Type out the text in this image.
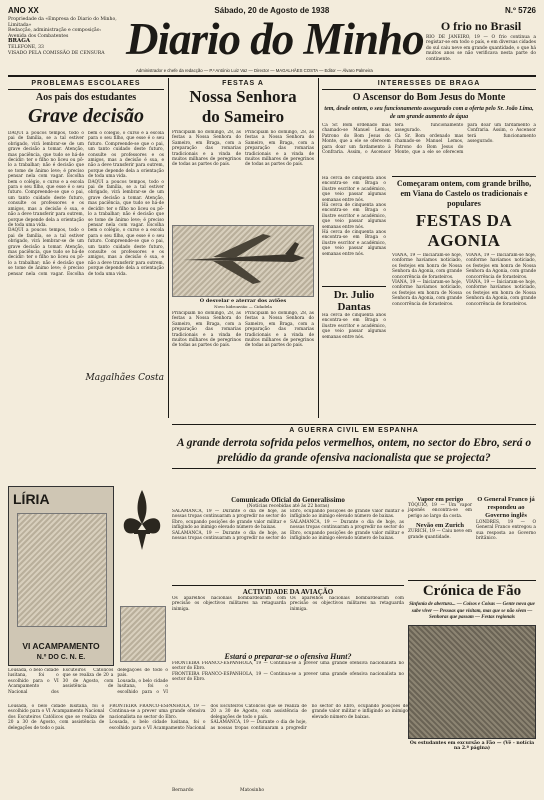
ANO XX	Sábado, 20 de Agosto de 1938	N.º 5726
Propriedade da «Empresa do Diario do Minho, Limitada»
Redacção, administração e composição: Avenida dos Combatentes
BRAGA
TELEFONE, 33
VISADO PELA COMISSÃO DE CENSURA Diario do Minho
Administrador e chefe da redacção — P.º António Luiz Vaz — Director — MAGALHÃES COSTA — Editor — Álvaro Palmeira
O frio no Brasil

RIO DE JANEIRO, 19 — O frio continua a registar-se em todo o país, e em diversas cidades do sul caiu neve em grande quantidade, o que há muitos anos se não verificava nesta parte do continente.

PROBLEMAS ESCOLARES
Aos pais dos estudantes
Grave decisão

DAQUI a poucos tempos, todo o pai de família, se a tal estiver obrigado, virá lembrar-se de um grave decisão a tomar. Atenção, mas paciência, que tudo se há-de decidir: ter o filho no liceu ou pô-lo a trabalhar; não é decisão que se tome de ânimo leve; é preciso pensar nela com vagar. Escolha bem o colégio, o curso e a escola para o seu filho, que esse é o seu futuro. Compreende-se que o pai, um tanto cuidado deste futuro, consulte os professores e os amigos, mas a decisão é sua, e não a deve transferir para outrem, porque depende dela a orientação de toda uma vida.

DAQUI a poucos tempos, todo o pai de família, se a tal estiver obrigado, virá lembrar-se de um grave decisão a tomar. Atenção, mas paciência, que tudo se há-de decidir: ter o filho no liceu ou pô-lo a trabalhar; não é decisão que se tome de ânimo leve; é preciso pensar nela com vagar. Escolha bem o colégio, o curso e a escola para o seu filho, que esse é o seu futuro. Compreende-se que o pai, um tanto cuidado deste futuro, consulte os professores e os amigos, mas a decisão é sua, e não a deve transferir para outrem, porque depende dela a orientação de toda uma vida.

DAQUI a poucos tempos, todo o pai de família, se a tal estiver obrigado, virá lembrar-se de um grave decisão a tomar. Atenção, mas paciência, que tudo se há-de decidir: ter o filho no liceu ou pô-lo a trabalhar; não é decisão que se tome de ânimo leve; é preciso pensar nela com vagar. Escolha bem o colégio, o curso e a escola para o seu filho, que esse é o seu futuro. Compreende-se que o pai, um tanto cuidado deste futuro, consulte os professores e os amigos, mas a decisão é sua, e não a deve transferir para outrem, porque depende dela a orientação de toda uma vida.

Magalhães Costa
FESTAS A
Nossa Senhora
do Sameiro

Principiam no domingo, 28, as festas a Nossa Senhora do Sameiro, em Braga, com a preparação das romarias tradicionais e a vinda de muitos milhares de peregrinos de todas as partes do país.

Principiam no domingo, 28, as festas a Nossa Senhora do Sameiro, em Braga, com a preparação das romarias tradicionais e a vinda de muitos milhares de peregrinos de todas as partes do país.

O desvelar e aterrar dos aviões
Novo hidroavião — Cidadela

Principiam no domingo, 28, as festas a Nossa Senhora do Sameiro, em Braga, com a preparação das romarias tradicionais e a vinda de muitos milhares de peregrinos de todas as partes do país.

Principiam no domingo, 28, as festas a Nossa Senhora do Sameiro, em Braga, com a preparação das romarias tradicionais e a vinda de muitos milhares de peregrinos de todas as partes do país.

INTERESSES DE BRAGA
O Ascensor do Bom Jesus do Monte
tem, desde ontem, o seu funcionamento assegurado com a oferta pelo Sr. João Lima, de um grande aumento de água

Cá Sr. Bom ordenado mas chamado-se Manuel Lemos, Patrono do Bom Jesus do Monte, que a ele se oferecem para doar um fardamento à Confraria. Assim, o Ascensor terá funcionamento assegurado.

Cá Sr. Bom ordenado mas chamado-se Manuel Lemos, Patrono do Bom Jesus do Monte, que a ele se oferecem para doar um fardamento à Confraria. Assim, o Ascensor terá funcionamento assegurado.

Há cerca de cinquenta anos encontra-se em Braga o ilustre escritor e académico, que veio passar algumas semanas entre nós.

Há cerca de cinquenta anos encontra-se em Braga o ilustre escritor e académico, que veio passar algumas semanas entre nós.

Há cerca de cinquenta anos encontra-se em Braga o ilustre escritor e académico, que veio passar algumas semanas entre nós.

Dr. Julio Dantas

Há cerca de cinquenta anos encontra-se em Braga o ilustre escritor e académico, que veio passar algumas semanas entre nós.

Começaram ontem, com grande brilho, em Viana do Castelo os tradicionais e populares
FESTAS DA AGONIA

VIANA, 19 — Iniciaram-se hoje, conforme havíamos noticiado, os festejos em honra de Nossa Senhora da Agonia, com grande concorrência de forasteiros.

VIANA, 19 — Iniciaram-se hoje, conforme havíamos noticiado, os festejos em honra de Nossa Senhora da Agonia, com grande concorrência de forasteiros.

VIANA, 19 — Iniciaram-se hoje, conforme havíamos noticiado, os festejos em honra de Nossa Senhora da Agonia, com grande concorrência de forasteiros.

VIANA, 19 — Iniciaram-se hoje, conforme havíamos noticiado, os festejos em honra de Nossa Senhora da Agonia, com grande concorrência de forasteiros.

A GUERRA CIVIL EM ESPANHA
A grande derrota sofrida pelos vermelhos, ontem, no sector do Ebro, será o prelúdio da grande ofensiva nacionalista que se projecta?
Comunicado Oficial do Generalíssimo
(Notícias recebidas até às 22 horas)

SALAMANCA, 19 — Durante o dia de hoje, as nossas tropas continuaram a progredir no sector do Ebro, ocupando posições de grande valor militar e infligindo ao inimigo elevado número de baixas.

SALAMANCA, 19 — Durante o dia de hoje, as nossas tropas continuaram a progredir no sector do Ebro, ocupando posições de grande valor militar e infligindo ao inimigo elevado número de baixas.

SALAMANCA, 19 — Durante o dia de hoje, as nossas tropas continuaram a progredir no sector do Ebro, ocupando posições de grande valor militar e infligindo ao inimigo elevado número de baixas.

ACTIVIDADE DA AVIAÇÃO

Os aparelhos nacionais bombardearam com precisão os objectivos militares na retaguarda inimiga.

Os aparelhos nacionais bombardearam com precisão os objectivos militares na retaguarda inimiga.

Estará o preparar-se o ofensiva Hunt?

FRONTEIRA FRANCO-ESPANHOLA, 19 — Continua-se a prever uma grande ofensiva nacionalista no sector do Ebro.

FRONTEIRA FRANCO-ESPANHOLA, 19 — Continua-se a prever uma grande ofensiva nacionalista no sector do Ebro.

Vapor em perigo

TÓQUIO, 19 — Um vapor japonês encontra-se em perigo ao largo da costa.

Nevão em Zurich

ZURICH, 19 — Caiu neve em grande quantidade.

O General Franco já respondeu ao Governo inglês

LONDRES, 19 — O General Franco entregou a sua resposta ao Governo britânico.

Crónica de Fão
Sinfonia de abertura... — Coisos e Coisas — Gente nova que sabe viver — Pessoas que visitam, mas que se não sêem — Senhoras que passam — Festas regionais
Os estudantes em excursão a Fão — (Vê - notícia na 2.ª página)
LÍRIA
VI ACAMPAMENTO
N.º DO C. N. E.

Lousada, o belo cidade lusitana, foi o escolhido para o VI Acampamento Nacional dos Escuteiros Católicos que se realiza de 20 a 30 de Agosto, com assistência de delegações de todo o país.

Lousada, o belo cidade lusitana, foi o escolhido para o VI

Lousada, o belo cidade lusitana, foi o escolhido para o VI Acampamento Nacional dos Escuteiros Católicos que se realiza de 20 a 30 de Agosto, com assistência de delegações de todo o país.

FRONTEIRA FRANCO-ESPANHOLA, 19 — Continua-se a prever uma grande ofensiva nacionalista no sector do Ebro.

Lousada, o belo cidade lusitana, foi o escolhido para o VI Acampamento Nacional dos Escuteiros Católicos que se realiza de 20 a 30 de Agosto, com assistência de delegações de todo o país.

SALAMANCA, 19 — Durante o dia de hoje, as nossas tropas continuaram a progredir no sector do Ebro, ocupando posições de grande valor militar e infligindo ao inimigo elevado número de baixas.

Bernardo	Matosinho
